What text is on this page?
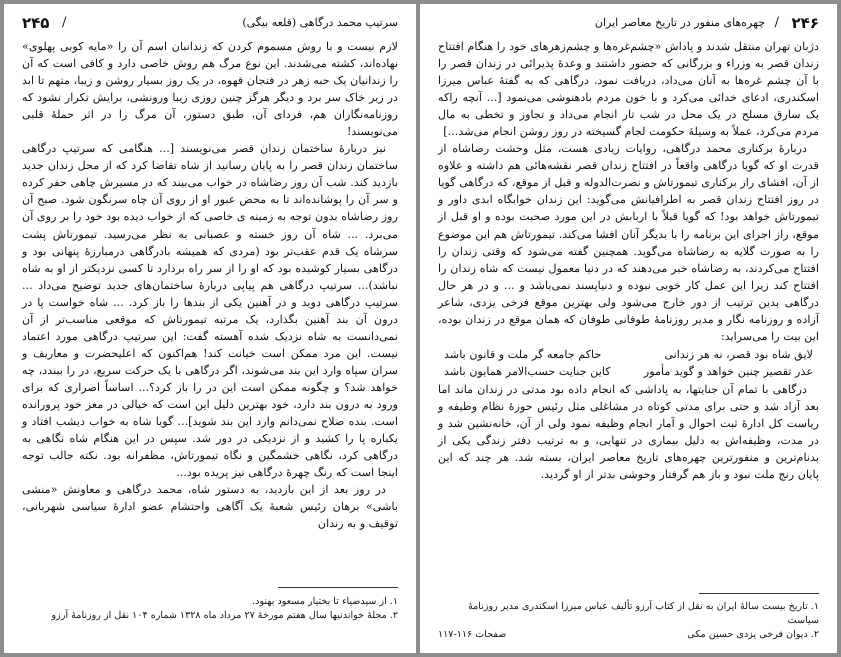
سرتیپ محمد درگاهی (قلعه بیگی)
/
۲۴۵

لازم نیست و با روش مسموم کردن که زندانبان اسم آن را «مایه کوبی پهلوی» نهاده‌اند، کشته می‌شدند. این نوع مرگ هم روش خاصی دارد و کافی است که آن را زندانیان یک حبه زهر در فنجان قهوه، در یک روز بسیار روشن و زیبا، متهم تا ابد در زیر خاک سر برد و دیگر هرگز چنین روزی زیبا ورونشی، برایش تکرار نشود که روزنامه‌نگاران هم، فردای آن، طبق دستور، آن مرگ را در اثر حملهٔ قلبی می‌نویسند!

نیز دربارهٔ ساختمان زندان قصر می‌نویسند [... هنگامی که سرتیپ درگاهی ساختمان زندان قصر را به پایان رسانید از شاه تقاضا کرد که از محل زندان جدید بازدید کند. شب آن روز رضاشاه در خواب می‌بیند که در مسیرش چاهی حفر کرده و سر آن را پوشانده‌اند تا به محض عبور او از روی آن چاه سرنگون شود. صبح آن روز رضاشاه بدون توجه به زمینه ی خاصی که از خواب دیده بود خود را بر روی آن می‌برد. ... شاه آن روز خسته و عصبانی به نظر می‌رسید. تیمورتاش پشت سرشاه یک قدم عقب‌تر بود (مردی که همیشه بادرگاهی درمبارزهٔ پنهانی بود و درگاهی بسیار کوشیده بود که او را از سر راه بردارد تا کسی نزدیکتر از او به شاه نباشد)... سرتیپ درگاهی هم پیاپی دربارهٔ ساختمان‌های جدید توضیح می‌داد ... سرتیپ درگاهی دوید و در آهنین یکی از بندها را باز کرد. ... شاه خواست پا در درون آن بند آهنین بگذارد، یک مرتبه تیمورتاش که موقعی مناسب‌تر از آن نمی‌دانست به شاه نزدیک شده آهسته گفت: این سرتیپ درگاهی مورد اعتماد نیست. این مرد ممکن است خیانت کند! هم‌اکنون که اعلیحضرت و معاریف و سران سپاه وارد این بند می‌شوند، اگر درگاهی با یک حرکت سریع، در را ببندد، چه خواهد شد؟ و چگونه ممکن است این در را باز کرد؟... اساساً اصراری که برای ورود به درون بند دارد، خود بهترین دلیل این است که خیالی در مغز خود پرورانده است. بنده صلاح نمی‌دانم وارد این بند شوید]... گویا شاه به خواب دیشب افتاد و یکباره پا را کشید و از نزدیکی در دور شد. سپس در این هنگام شاه نگاهی به درگاهی کرد، نگاهی خشمگین و نگاه تیمورتاش، مظفرانه بود. نکته جالب توجه اینجا است که رنگ چهرهٔ درگاهی نیز پریده بود...

در روز بعد از این بازدید، به دستور شاه، محمد درگاهی و معاونش «منشی باشی» برهان رئیس شعبهٔ یک آگاهی واحتشام عضو ادارهٔ سیاسی شهربانی، توقیف و به زندان

۱. از سیدضیاء تا بختیار مسعود بهنود.
۲. مجلهٔ خواندنیها سال هفتم مورخهٔ ۲۷ مرداد ماه ۱۳۲۸ شماره ۱۰۴ نقل از روزنامهٔ آرزو
۲۴۶
/
چهره‌های منفور در تاریخ معاصر ایران

دژبان تهران منتقل شدند و پاداش «چشم‌غره‌ها و چشم‌زهرهای خود را هنگام افتتاح زندان قصر به وزراء و بزرگانی که حضور داشتند و وعدهٔ پذیرائی در زندان قصر را با آن چشم غره‌ها به آنان می‌داد، دریافت نمود. درگاهی که به گفتهٔ عباس میرزا اسکندری، ادعای خدائی می‌کرد و با خون مردم بادهنوشی می‌نمود [... آنچه راکه یک سارق مسلح در یک محل در شب تار انجام می‌داد و تجاوز و تخطی به مال مردم می‌کرد، عملاً به وسیلهٔ حکومت لجام گسیخته در روز روشن انجام می‌شد...]

دربارهٔ برکناری محمد درگاهی، روایات زیادی هست، مثل وحشت رضاشاه از قدرت او که گویا درگاهی واقعاً در افتتاح زندان قصر نقشه‌هائی هم داشته و علاوه از آن، افشای راز برکناری تیمورتاش و نصرت‌الدوله و قبل از موقع، که درگاهی گویا در روز افتتاح زندان قصر به اطرافیانش می‌گوید: این زندان خوابگاه ابدی داور و تیمورتاش خواهد بود! که گویا قبلاً با اربابش در این مورد صحبت بوده و او قبل از موقع، راز اجرای این برنامه را با بدیگر آنان افشا می‌کند. تیمورتاش هم این موضوع را به صورت گلایه به رضاشاه می‌گوید. همچنین گفته می‌شود که وقتی زندان را افتتاح می‌کردند، به رضاشاه خبر می‌دهند که در دنیا معمول نیست که شاه زندان را افتتاح کند زیرا این عمل کار خوبی نبوده و دنیاپسند نمی‌باشد و ... و در هر حال درگاهی بدین ترتیب از دور خارج می‌شود ولی بهترین موقع فرخی یزدی، شاعر آزاده و روزنامه نگار و مدیر روزنامهٔ طوفانی طوفان که همان موقع در زندان بوده، این بیت را می‌سراید:

لایق شاه بود قصر، نه هر زندانی
حاکم جامعه گر ملت و قانون باشد
عذر تقصیر چنین خواهد و گوید مأمور
کاین جنایت حسب‌الامر همایون باشد

درگاهی با تمام آن جنایتها، به پاداشی که انجام داده بود مدتی در زندان ماند اما بعد آزاد شد و حتی برای مدتی کوتاه در مشاغلی مثل رئیس حوزهٔ نظام وظیفه و ریاست کل ادارهٔ ثبت احوال و آمار انجام وظیفه نمود ولی از آن، خانه‌نشین شد و در مدت، وظیفه‌اش به دلیل بیماری در تنهایی، و به ترتیب دفتر زندگی یکی از بدنام‌ترین و منفورترین چهره‌های تاریخ معاصر ایران، بسته شد. هر چند که این پایان رنج ملت نبود و باز هم گرفتار وحوشی بدتر از او گردید.

۱. تاریخ بیست سالهٔ ایران به نقل از کتاب آرزو تألیف عباس میرزا اسکندری مدیر روزنامهٔ سیاست
۲. دیوان فرخی یزدی حسین مکی
صفحات ۱۱۶-۱۱۷
